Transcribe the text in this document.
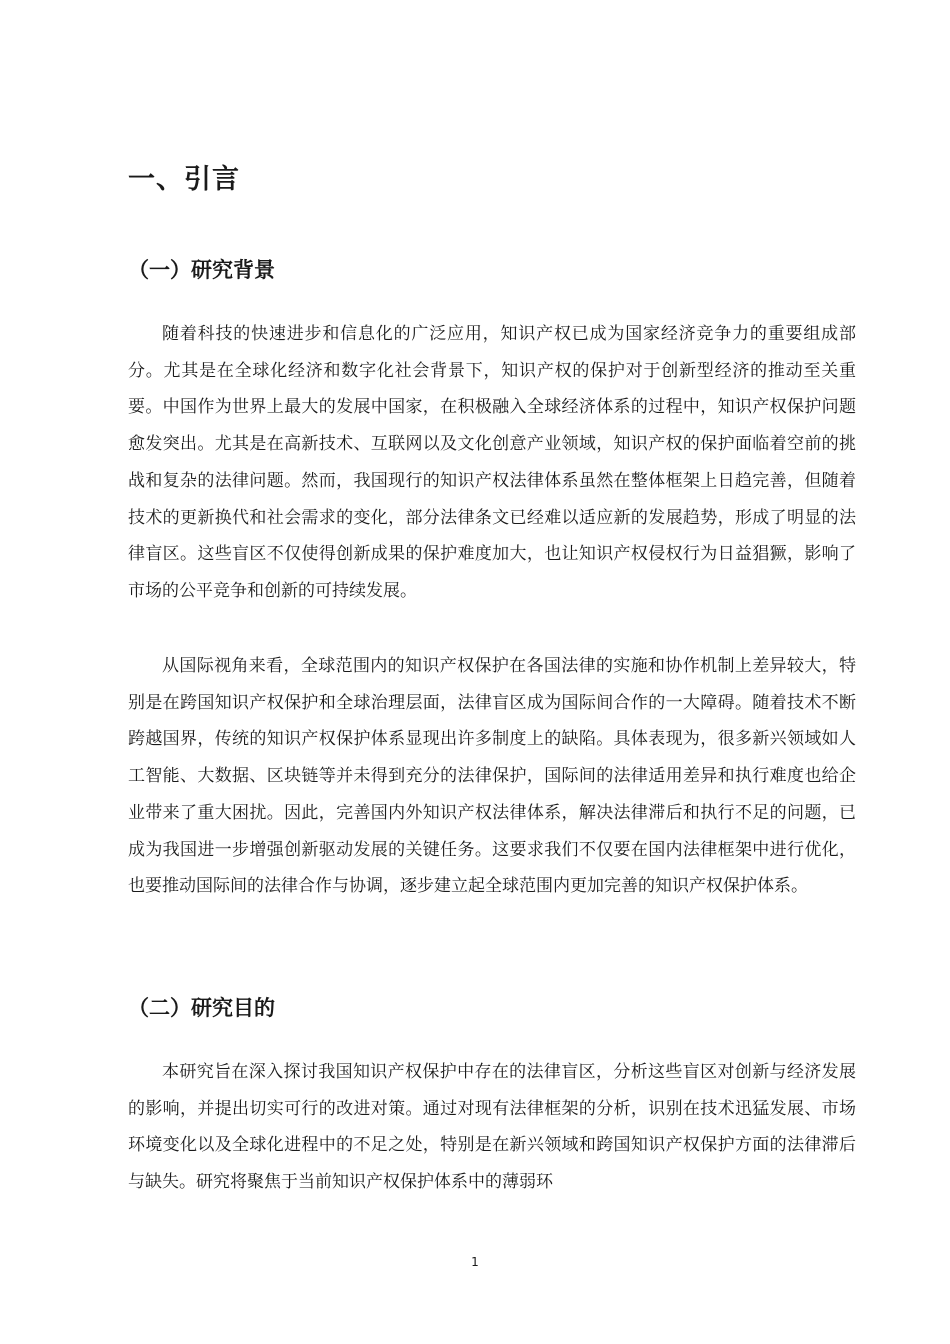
一、引言
（一）研究背景

随着科技的快速进步和信息化的广泛应用，知识产权已成为国家经济竞争力的重要组成部分。尤其是在全球化经济和数字化社会背景下，知识产权的保护对于创新型经济的推动至关重要。中国作为世界上最大的发展中国家，在积极融入全球经济体系的过程中，知识产权保护问题愈发突出。尤其是在高新技术、互联网以及文化创意产业领域，知识产权的保护面临着空前的挑战和复杂的法律问题。然而，我国现行的知识产权法律体系虽然在整体框架上日趋完善，但随着技术的更新换代和社会需求的变化，部分法律条文已经难以适应新的发展趋势，形成了明显的法律盲区。这些盲区不仅使得创新成果的保护难度加大，也让知识产权侵权行为日益猖獗，影响了市场的公平竞争和创新的可持续发展。

从国际视角来看，全球范围内的知识产权保护在各国法律的实施和协作机制上差异较大，特别是在跨国知识产权保护和全球治理层面，法律盲区成为国际间合作的一大障碍。随着技术不断跨越国界，传统的知识产权保护体系显现出许多制度上的缺陷。具体表现为，很多新兴领域如人工智能、大数据、区块链等并未得到充分的法律保护，国际间的法律适用差异和执行难度也给企业带来了重大困扰。因此，完善国内外知识产权法律体系，解决法律滞后和执行不足的问题，已成为我国进一步增强创新驱动发展的关键任务。这要求我们不仅要在国内法律框架中进行优化，也要推动国际间的法律合作与协调，逐步建立起全球范围内更加完善的知识产权保护体系。

（二）研究目的

本研究旨在深入探讨我国知识产权保护中存在的法律盲区，分析这些盲区对创新与经济发展的影响，并提出切实可行的改进对策。通过对现有法律框架的分析，识别在技术迅猛发展、市场环境变化以及全球化进程中的不足之处，特别是在新兴领域和跨国知识产权保护方面的法律滞后与缺失。研究将聚焦于当前知识产权保护体系中的薄弱环

1
